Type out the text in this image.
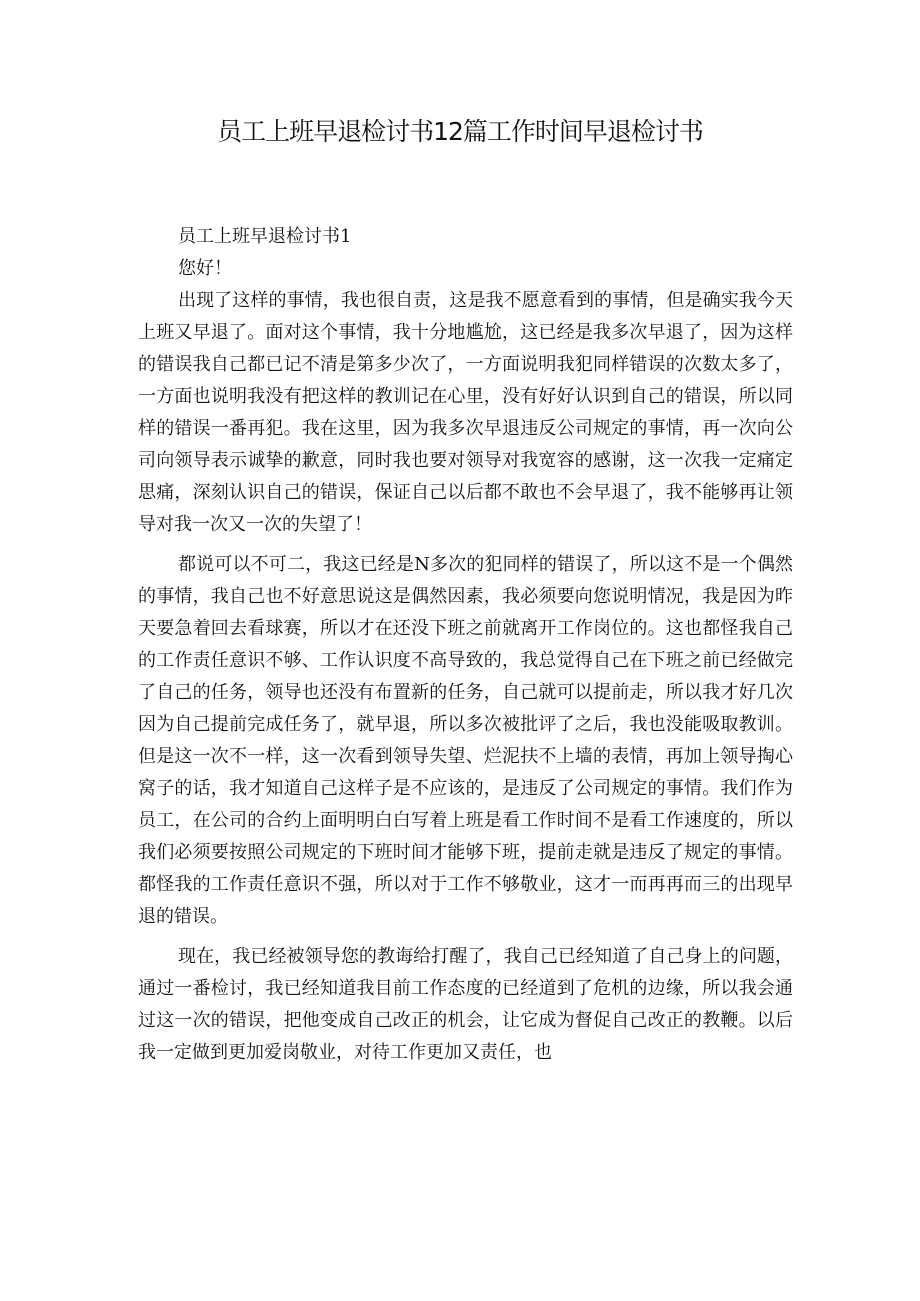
员工上班早退检讨书12篇工作时间早退检讨书

员工上班早退检讨书1

您好！

出现了这样的事情，我也很自责，这是我不愿意看到的事情，但是确实我今天上班又早退了。面对这个事情，我十分地尴尬，这已经是我多次早退了，因为这样的错误我自己都已记不清是第多少次了，一方面说明我犯同样错误的次数太多了，一方面也说明我没有把这样的教训记在心里，没有好好认识到自己的错误，所以同样的错误一番再犯。我在这里，因为我多次早退违反公司规定的事情，再一次向公司向领导表示诚挚的歉意，同时我也要对领导对我宽容的感谢，这一次我一定痛定思痛，深刻认识自己的错误，保证自己以后都不敢也不会早退了，我不能够再让领导对我一次又一次的失望了！

都说可以不可二，我这已经是N多次的犯同样的错误了，所以这不是一个偶然的事情，我自己也不好意思说这是偶然因素，我必须要向您说明情况，我是因为昨天要急着回去看球赛，所以才在还没下班之前就离开工作岗位的。这也都怪我自己的工作责任意识不够、工作认识度不高导致的，我总觉得自己在下班之前已经做完了自己的任务，领导也还没有布置新的任务，自己就可以提前走，所以我才好几次因为自己提前完成任务了，就早退，所以多次被批评了之后，我也没能吸取教训。但是这一次不一样，这一次看到领导失望、烂泥扶不上墙的表情，再加上领导掏心窝子的话，我才知道自己这样子是不应该的，是违反了公司规定的事情。我们作为员工，在公司的合约上面明明白白写着上班是看工作时间不是看工作速度的，所以我们必须要按照公司规定的下班时间才能够下班，提前走就是违反了规定的事情。都怪我的工作责任意识不强，所以对于工作不够敬业，这才一而再再而三的出现早退的错误。

现在，我已经被领导您的教诲给打醒了，我自己已经知道了自己身上的问题，通过一番检讨，我已经知道我目前工作态度的已经道到了危机的边缘，所以我会通过这一次的错误，把他变成自己改正的机会，让它成为督促自己改正的教鞭。以后我一定做到更加爱岗敬业，对待工作更加又责任，也
